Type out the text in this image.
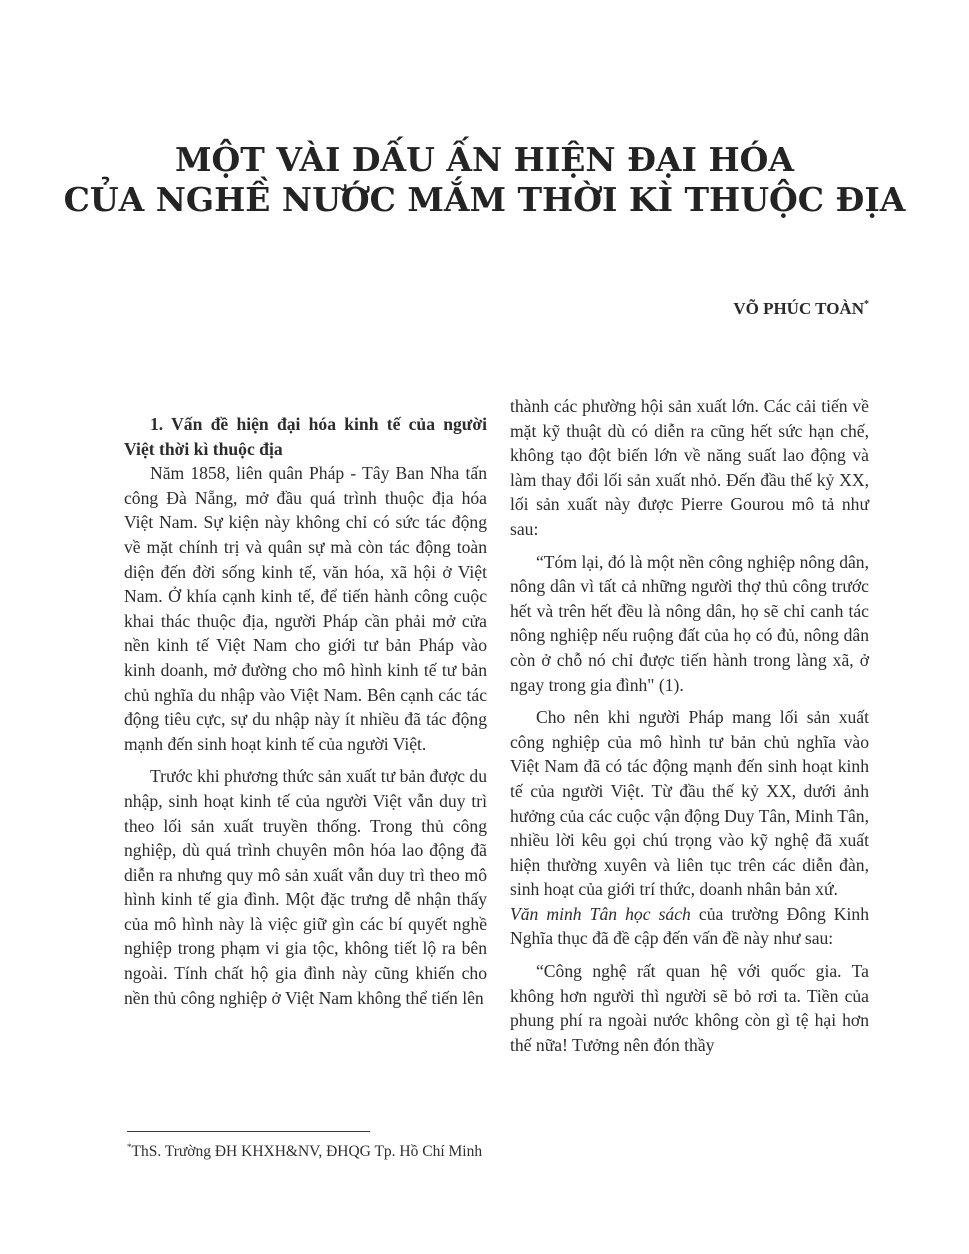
MỘT VÀI DẤU ẤN HIỆN ĐẠI HÓA
CỦA NGHỀ NƯỚC MẮM THỜI KÌ THUỘC ĐỊA
VÕ PHÚC TOÀN*

1. Vấn đề hiện đại hóa kinh tế của người Việt thời kì thuộc địa

Năm 1858, liên quân Pháp - Tây Ban Nha tấn công Đà Nẵng, mở đầu quá trình thuộc địa hóa Việt Nam. Sự kiện này không chỉ có sức tác động về mặt chính trị và quân sự mà còn tác động toàn diện đến đời sống kinh tế, văn hóa, xã hội ở Việt Nam. Ở khía cạnh kinh tế, để tiến hành công cuộc khai thác thuộc địa, người Pháp cần phải mở cửa nền kinh tế Việt Nam cho giới tư bản Pháp vào kinh doanh, mở đường cho mô hình kinh tế tư bản chủ nghĩa du nhập vào Việt Nam. Bên cạnh các tác động tiêu cực, sự du nhập này ít nhiều đã tác động mạnh đến sinh hoạt kinh tế của người Việt.

Trước khi phương thức sản xuất tư bản được du nhập, sinh hoạt kinh tế của người Việt vẫn duy trì theo lối sản xuất truyền thống. Trong thủ công nghiệp, dù quá trình chuyên môn hóa lao động đã diễn ra nhưng quy mô sản xuất vẫn duy trì theo mô hình kinh tế gia đình. Một đặc trưng dễ nhận thấy của mô hình này là việc giữ gìn các bí quyết nghề nghiệp trong phạm vi gia tộc, không tiết lộ ra bên ngoài. Tính chất hộ gia đình này cũng khiến cho nền thủ công nghiệp ở Việt Nam không thể tiến lên

thành các phường hội sản xuất lớn. Các cải tiến về mặt kỹ thuật dù có diễn ra cũng hết sức hạn chế, không tạo đột biến lớn về năng suất lao động và làm thay đổi lối sản xuất nhỏ. Đến đầu thế kỷ XX, lối sản xuất này được Pierre Gourou mô tả như sau:

“Tóm lại, đó là một nền công nghiệp nông dân, nông dân vì tất cả những người thợ thủ công trước hết và trên hết đều là nông dân, họ sẽ chỉ canh tác nông nghiệp nếu ruộng đất của họ có đủ, nông dân còn ở chỗ nó chỉ được tiến hành trong làng xã, ở ngay trong gia đình" (1).

Cho nên khi người Pháp mang lối sản xuất công nghiệp của mô hình tư bản chủ nghĩa vào Việt Nam đã có tác động mạnh đến sinh hoạt kinh tế của người Việt. Từ đầu thế kỷ XX, dưới ảnh hưởng của các cuộc vận động Duy Tân, Minh Tân, nhiều lời kêu gọi chú trọng vào kỹ nghệ đã xuất hiện thường xuyên và liên tục trên các diễn đàn, sinh hoạt của giới trí thức, doanh nhân bản xứ.

Văn minh Tân học sách của trường Đông Kinh Nghĩa thục đã đề cập đến vấn đề này như sau:

“Công nghệ rất quan hệ với quốc gia. Ta không hơn người thì người sẽ bỏ rơi ta. Tiền của phung phí ra ngoài nước không còn gì tệ hại hơn thế nữa! Tưởng nên đón thầy

*ThS. Trường ĐH KHXH&NV, ĐHQG Tp. Hồ Chí Minh
